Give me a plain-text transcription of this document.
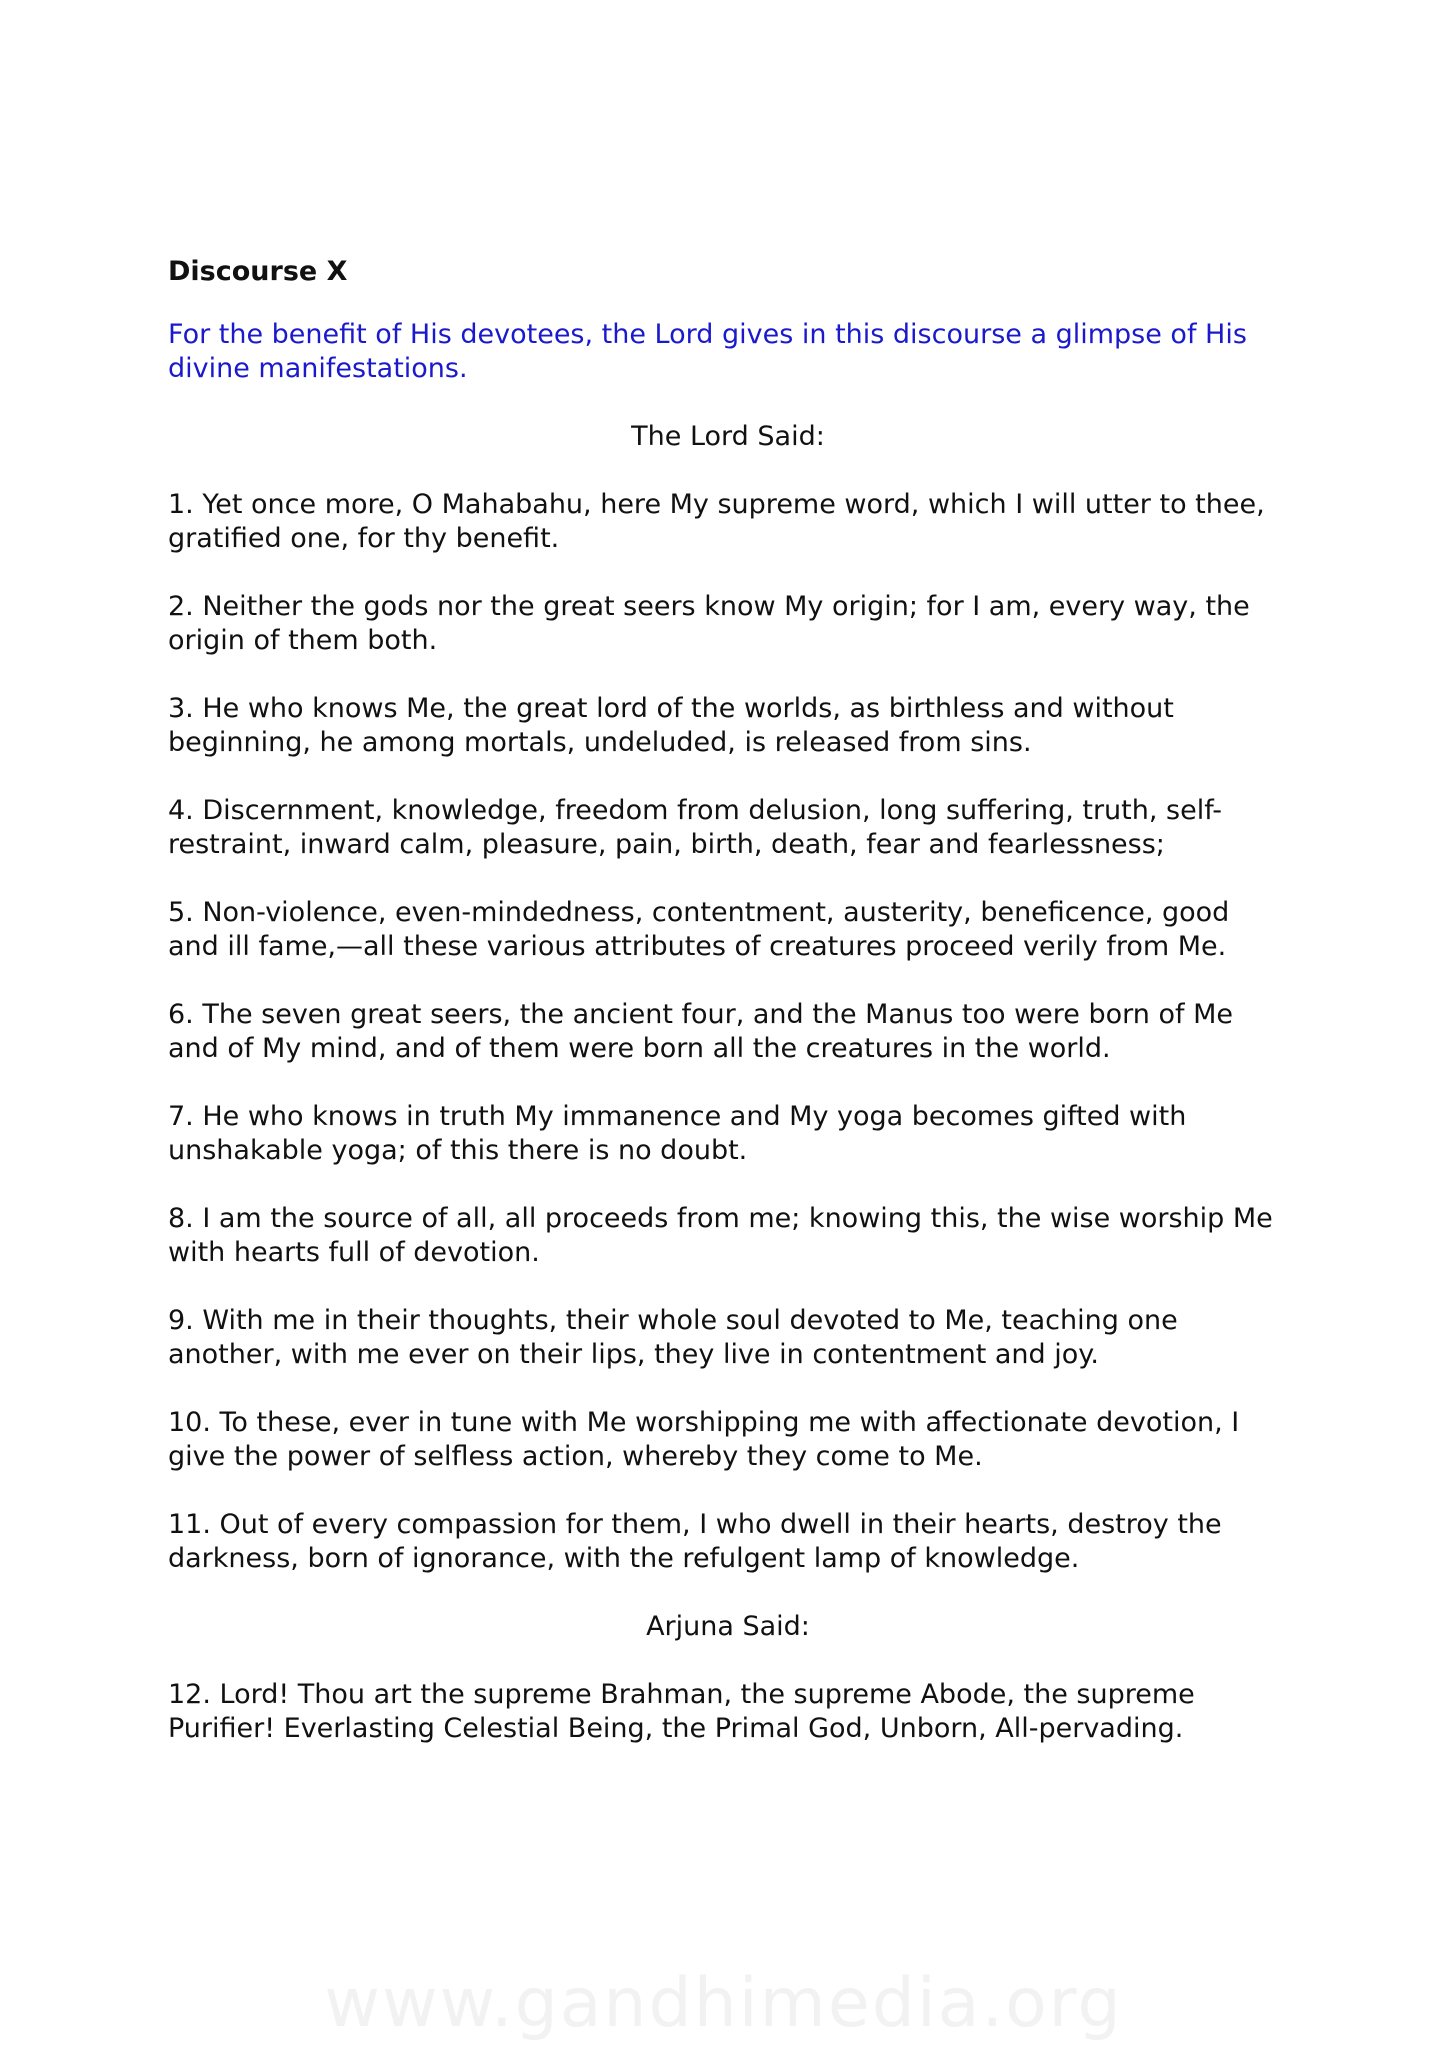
Discourse X
For the benefit of His devotees, the Lord gives in this discourse a glimpse of His divine manifestations.
The Lord Said:
1. Yet once more, O Mahabahu, here My supreme word, which I will utter to thee, gratified one, for thy benefit.
2. Neither the gods nor the great seers know My origin; for I am, every way, the origin of them both.
3. He who knows Me, the great lord of the worlds, as birthless and without beginning, he among mortals, undeluded, is released from sins.
4. Discernment, knowledge, freedom from delusion, long suffering, truth, self-restraint, inward calm, pleasure, pain, birth, death, fear and fearlessness;
5. Non-violence, even-mindedness, contentment, austerity, beneficence, good and ill fame,—all these various attributes of creatures proceed verily from Me.
6. The seven great seers, the ancient four, and the Manus too were born of Me and of My mind, and of them were born all the creatures in the world.
7. He who knows in truth My immanence and My yoga becomes gifted with unshakable yoga; of this there is no doubt.
8. I am the source of all, all proceeds from me; knowing this, the wise worship Me with hearts full of devotion.
9. With me in their thoughts, their whole soul devoted to Me, teaching one another, with me ever on their lips, they live in contentment and joy.
10. To these, ever in tune with Me worshipping me with affectionate devotion, I give the power of selfless action, whereby they come to Me.
11. Out of every compassion for them, I who dwell in their hearts, destroy the darkness, born of ignorance, with the refulgent lamp of knowledge.
Arjuna Said:
12. Lord! Thou art the supreme Brahman, the supreme Abode, the supreme Purifier! Everlasting Celestial Being, the Primal God, Unborn, All-pervading.
www.gandhimedia.org
